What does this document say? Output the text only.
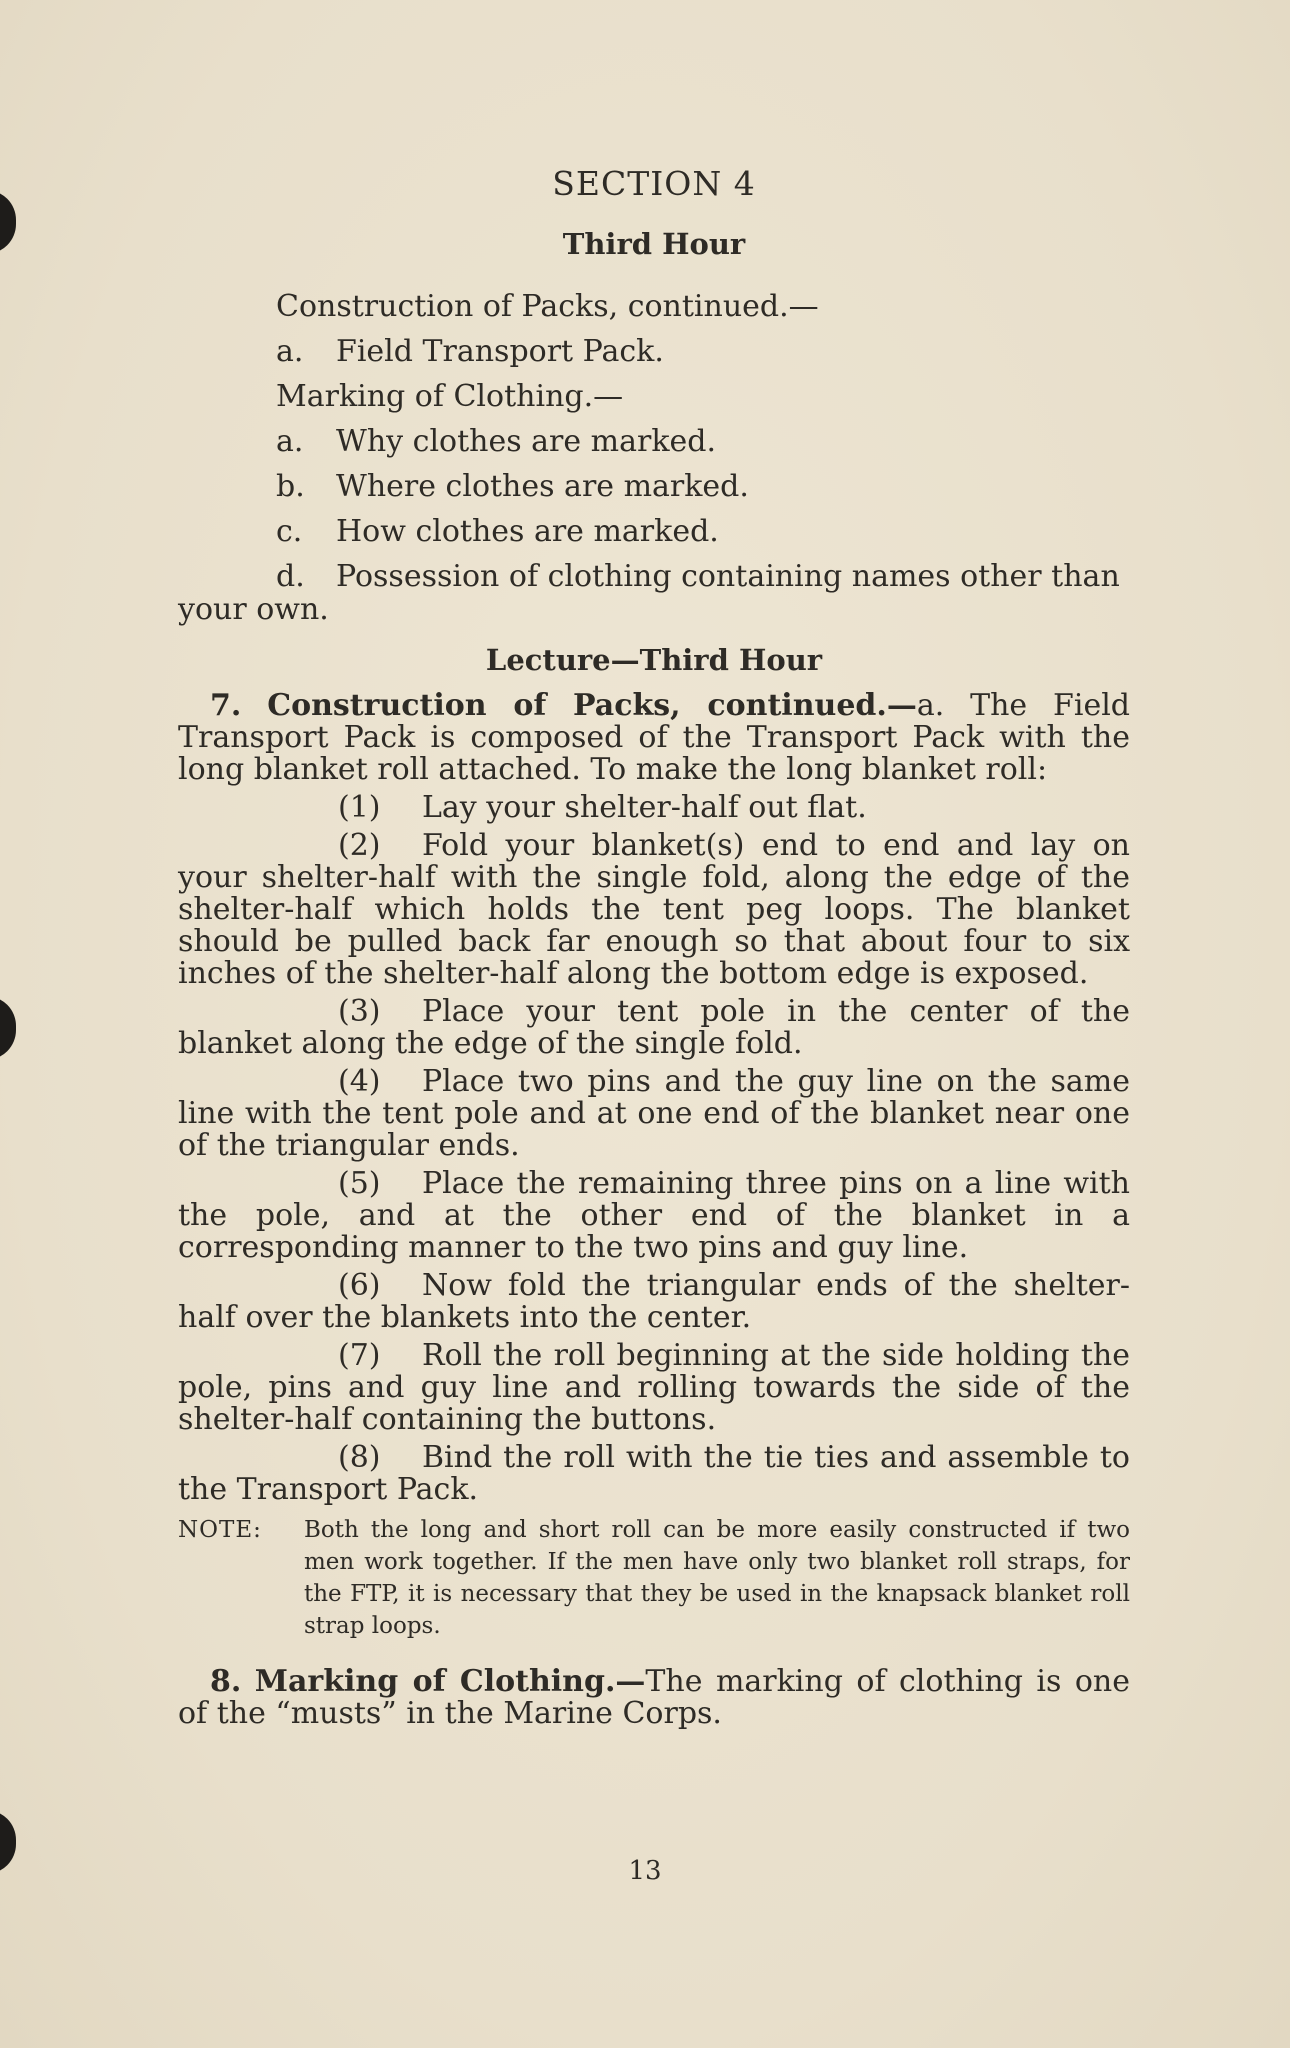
SECTION 4
Third Hour
Construction of Packs, continued.—
a. Field Transport Pack.
Marking of Clothing.—
a. Why clothes are marked.
b. Where clothes are marked.
c. How clothes are marked.
d. Possession of clothing containing names other than
your own.
Lecture—Third Hour

7. Construction of Packs, continued.—a. The Field Transport Pack is composed of the Transport Pack with the long blanket roll attached. To make the long blanket roll:

(1) Lay your shelter-half out flat.

(2) Fold your blanket(s) end to end and lay on your shelter-half with the single fold, along the edge of the shelter-half which holds the tent peg loops. The blanket should be pulled back far enough so that about four to six inches of the shelter-half along the bottom edge is exposed.

(3) Place your tent pole in the center of the blanket along the edge of the single fold.

(4) Place two pins and the guy line on the same line with the tent pole and at one end of the blanket near one of the triangular ends.

(5) Place the remaining three pins on a line with the pole, and at the other end of the blanket in a corresponding manner to the two pins and guy line.

(6) Now fold the triangular ends of the shelter-half over the blankets into the center.

(7) Roll the roll beginning at the side holding the pole, pins and guy line and rolling towards the side of the shelter-half containing the buttons.

(8) Bind the roll with the tie ties and assemble to the Transport Pack.

NOTE: Both the long and short roll can be more easily constructed if two men work together. If the men have only two blanket roll straps, for the FTP, it is necessary that they be used in the knapsack blanket roll strap loops.

8. Marking of Clothing.—The marking of clothing is one of the “musts” in the Marine Corps.

13
